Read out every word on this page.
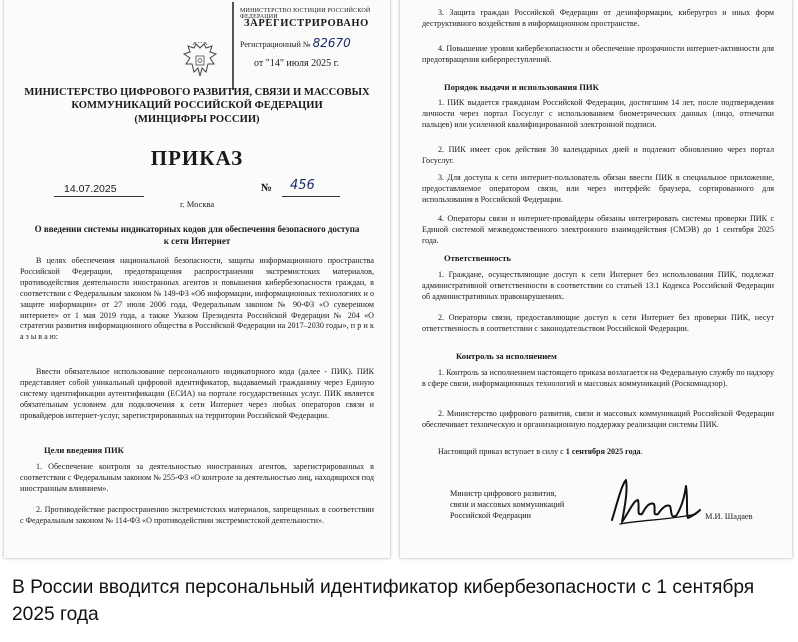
МИНИСТЕРСТВО ЮСТИЦИИ РОССИЙСКОЙ ФЕДЕРАЦИИ
ЗАРЕГИСТРИРОВАНО
Регистрационный № 82670
от "14" июля 2025 г.
МИНИСТЕРСТВО ЦИФРОВОГО РАЗВИТИЯ, СВЯЗИ И МАССОВЫХ КОММУНИКАЦИЙ РОССИЙСКОЙ ФЕДЕРАЦИИ
(МИНЦИФРЫ РОССИИ)
ПРИКАЗ
14.07.2025	№ 456
г. Москва
О введении системы индикаторных кодов для обеспечения безопасного доступа к сети Интернет
В целях обеспечения национальной безопасности, защиты информационного пространства Российской Федерации, предотвращения распространения экстремистских материалов, противодействия деятельности иностранных агентов и повышения кибербезопасности граждан, в соответствии с Федеральным законом № 149-ФЗ «Об информации, информационных технологиях и о защите информации» от 27 июля 2006 года, Федеральным законом № 90-ФЗ «О суверенном интернете» от 1 мая 2019 года, а также Указом Президента Российской Федерации № 204 «О стратегии развития информационного общества в Российской Федерации на 2017–2030 годы», п р и к а з ы в а ю:
Ввести обязательное использование персонального индикаторного кода (далее - ПИК). ПИК представляет собой уникальный цифровой идентификатор, выдаваемый гражданину через Единую систему идентификации аутентификации (ЕСИА) на портале государственных услуг. ПИК является обязательным условием для подключения к сети Интернет через любых операторов связи и провайдеров интернет-услуг, зарегистрированных на территории Российской Федерации.
Цели введения ПИК
1. Обеспечение контроля за деятельностью иностранных агентов, зарегистрированных в соответствии с Федеральным законом № 255-ФЗ «О контроле за деятельностью лиц, находящихся под иностранным влиянием».
2. Противодействие распространению экстремистских материалов, запрещенных в соответствии с Федеральным законом № 114-ФЗ «О противодействии экстремистской деятельности».
3. Защита граждан Российской Федерации от дезинформации, киберугроз и иных форм деструктивного воздействия в информационном пространстве.
4. Повышение уровня кибербезопасности и обеспечение прозрачности интернет-активности для предотвращения киберпреступлений.
Порядок выдачи и использования ПИК
1. ПИК выдается гражданам Российской Федерации, достигшим 14 лет, после подтверждения личности через портал Госуслуг с использованием биометрических данных (лицо, отпечатки пальцев) или усиленной квалифицированной электронной подписи.
2. ПИК имеет срок действия 30 календарных дней и подлежит обновлению через портал Госуслуг.
3. Для доступа к сети интернет-пользователь обязан ввести ПИК в специальное приложение, предоставляемое оператором связи, или через интерфейс браузера, сортированного для использования в Российской Федерации.
4. Операторы связи и интернет-провайдеры обязаны интегрировать системы проверки ПИК с Единой системой межведомственного электронного взаимодействия (СМЭВ) до 1 сентября 2025 года.
Ответственность
1. Граждане, осуществляющие доступ к сети Интернет без использования ПИК, подлежат административной ответственности в соответствии со статьей 13.1 Кодекса Российской Федерации об административных правонарушениях.
2. Операторы связи, предоставляющие доступ к сети Интернет без проверки ПИК, несут ответственность в соответствии с законодательством Российской Федерации.
Контроль за исполнением
1. Контроль за исполнением настоящего приказа возлагается на Федеральную службу по надзору в сфере связи, информационных технологий и массовых коммуникаций (Роскомнадзор).
2. Министерство цифрового развития, связи и массовых коммуникаций Российской Федерации обеспечивает техническую и организационную поддержку реализации системы ПИК.
Настоящий приказ вступает в силу с 1 сентября 2025 года.
Министр цифрового развития,
связи и массовых коммуникаций
Российской Федерации	М.И. Шадаев
В России вводится персональный идентификатор кибербезопасности с 1 сентября 2025 года
